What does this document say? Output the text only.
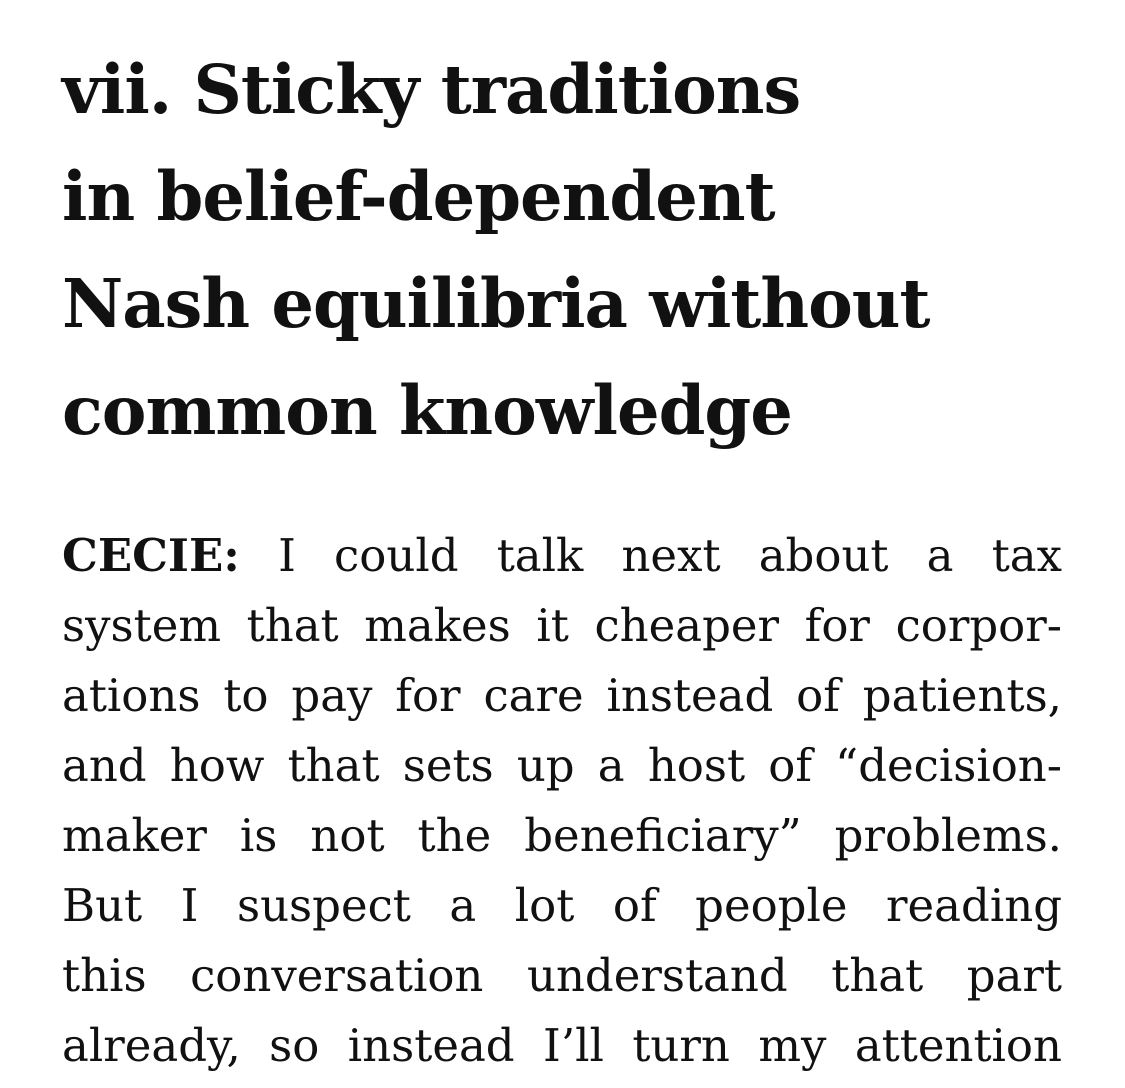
vii. Sticky traditions
in belief-dependent
Nash equilibria without
common knowledge
CECIE: I could talk next about a tax
system that makes it cheaper for corpor-
ations to pay for care instead of patients,
and how that sets up a host of “decision-
maker is not the beneficiary” problems.
But I suspect a lot of people reading
this conversation understand that part
already, so instead I’ll turn my attention
